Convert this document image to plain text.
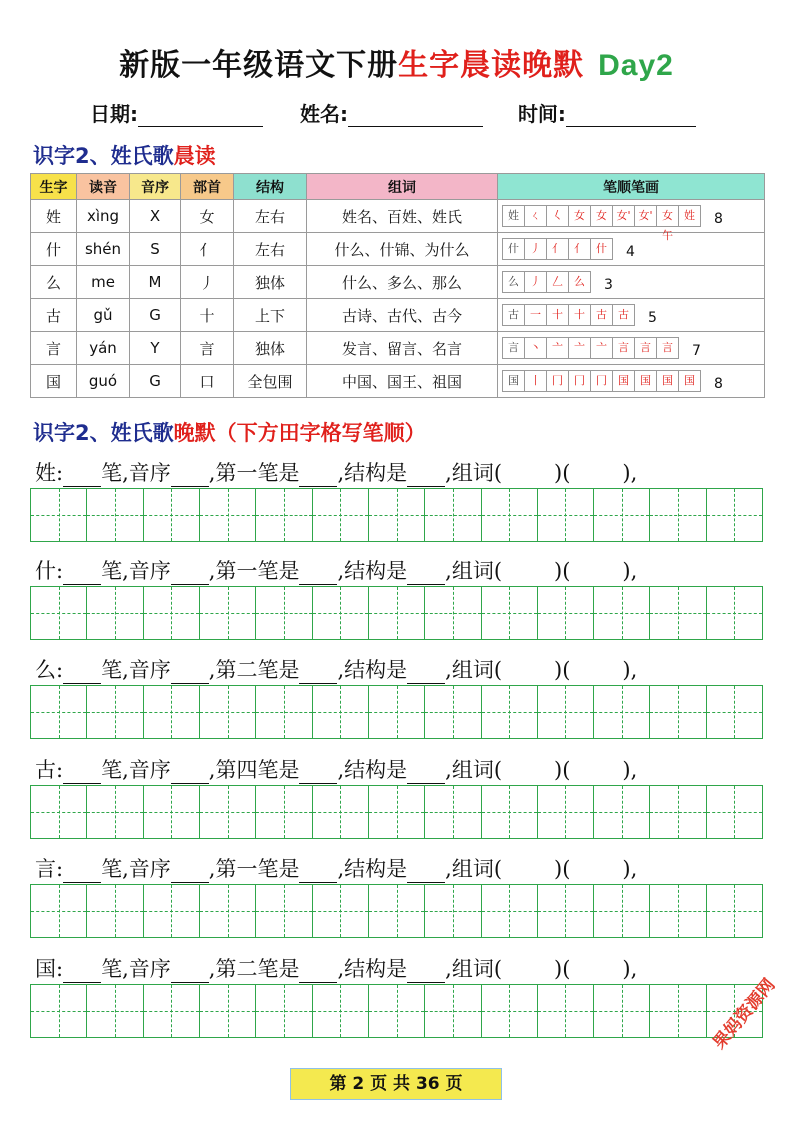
新版一年级语文下册生字晨读晚默 Day2
日期:	姓名:	时间:
识字2、姓氏歌晨读
生字	读音	音序	部首	结构	组词	笔顺笔画
姓	xìng	X	女	左右	姓名、百姓、姓氏	姓 ㄑ 𡿨 女 女 女' 女' 女午姓 8
什	shén	S	亻	左右	什么、什锦、为什么	什 丿 亻 亻 什 4
么	me	M	丿	独体	什么、多么、那么	么 丿 𠃋 么 3
古	gǔ	G	十	上下	古诗、古代、古今	古 一 十 十 古 古 5
言	yán	Y	言	独体	发言、留言、名言	言 丶 亠 亠 亠 言 言 言 7
国	guó	G	口	全包围	中国、国王、祖国	国 丨 冂 冂 冂 国 国 国 国 8
识字2、姓氏歌晚默（下方田字格写笔顺）
姓: 笔,音序 ,第一笔是 ,结构是 ,组词( )( ),
什: 笔,音序 ,第一笔是 ,结构是 ,组词( )( ),
么: 笔,音序 ,第二笔是 ,结构是 ,组词( )( ),
古: 笔,音序 ,第四笔是 ,结构是 ,组词( )( ),
言: 笔,音序 ,第一笔是 ,结构是 ,组词( )( ),
国: 笔,音序 ,第二笔是 ,结构是 ,组词( )( ),
第 2 页 共 36 页
果妈资源网
